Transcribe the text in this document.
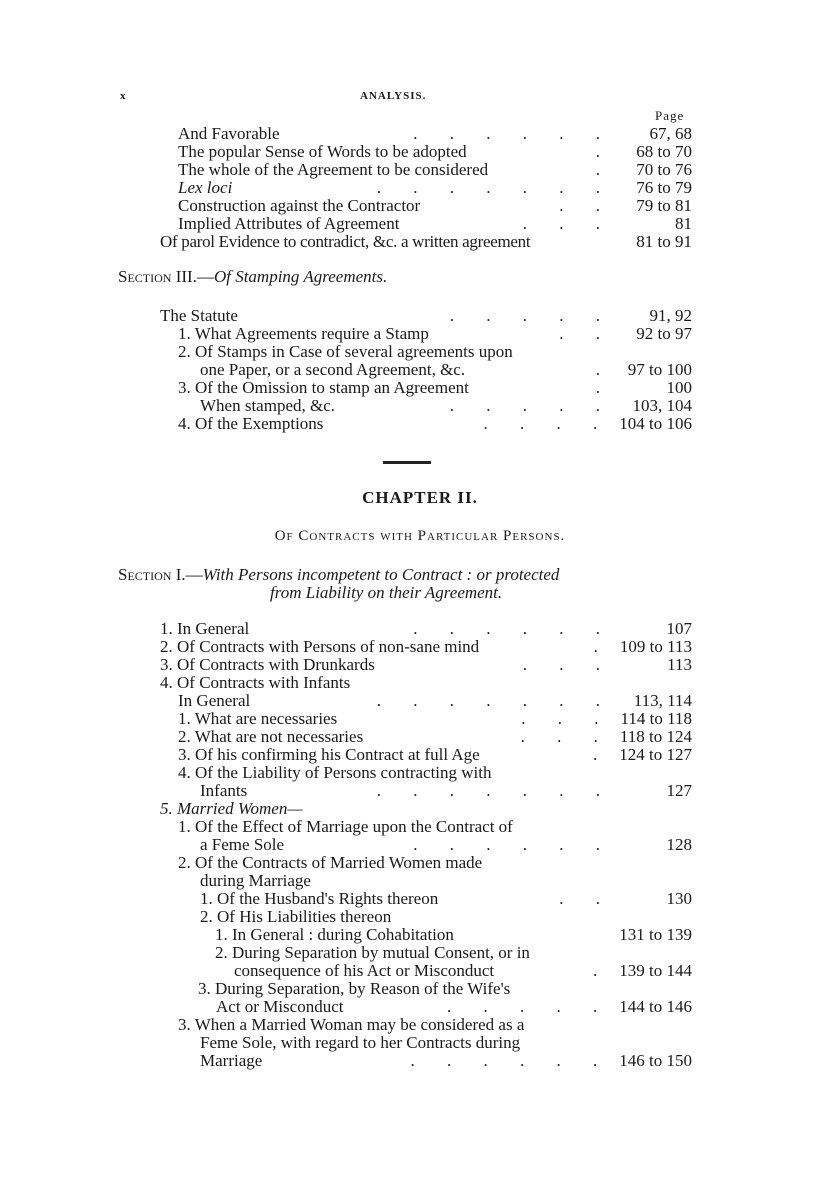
x	ANALYSIS.
Page
And Favorable	. . . . . .	67, 68
The popular Sense of Words to be adopted	.	68 to 70
The whole of the Agreement to be considered	.	70 to 76
Lex loci	. . . . . . .	76 to 79
Construction against the Contractor	. .	79 to 81
Implied Attributes of Agreement	. . .	81
Of parol Evidence to contradict, &c. a written agreement	81 to 91
Section III.—Of Stamping Agreements.
The Statute	. . . . .	91, 92
1. What Agreements require a Stamp	. .	92 to 97
2. Of Stamps in Case of several agreements upon
one Paper, or a second Agreement, &c.	. 97 to 100
3. Of the Omission to stamp an Agreement	.	100
When stamped, &c.	. . . . .	103, 104
4. Of the Exemptions	. . . . 104 to 106
CHAPTER II.
Of Contracts with Particular Persons.
Section I.—With Persons incompetent to Contract : or protected
from Liability on their Agreement.
1. In General	. . . . . .	107
2. Of Contracts with Persons of non-sane mind	. 109 to 113
3. Of Contracts with Drunkards	. . .	113
4. Of Contracts with Infants
In General	. . . . . . .	113, 114
1. What are necessaries	. . . 114 to 118
2. What are not necessaries	. . . 118 to 124
3. Of his confirming his Contract at full Age	. 124 to 127
4. Of the Liability of Persons contracting with
Infants	. . . . . . .	127
5. Married Women—
1. Of the Effect of Marriage upon the Contract of
a Feme Sole	. . . . . .	128
2. Of the Contracts of Married Women made
during Marriage
1. Of the Husband's Rights thereon	. .	130
2. Of His Liabilities thereon
1. In General : during Cohabitation	131 to 139
2. During Separation by mutual Consent, or in
consequence of his Act or Misconduct	. 139 to 144
3. During Separation, by Reason of the Wife's
Act or Misconduct	. . . . . 144 to 146
3. When a Married Woman may be considered as a
Feme Sole, with regard to her Contracts during
Marriage	. . . . . . 146 to 150
